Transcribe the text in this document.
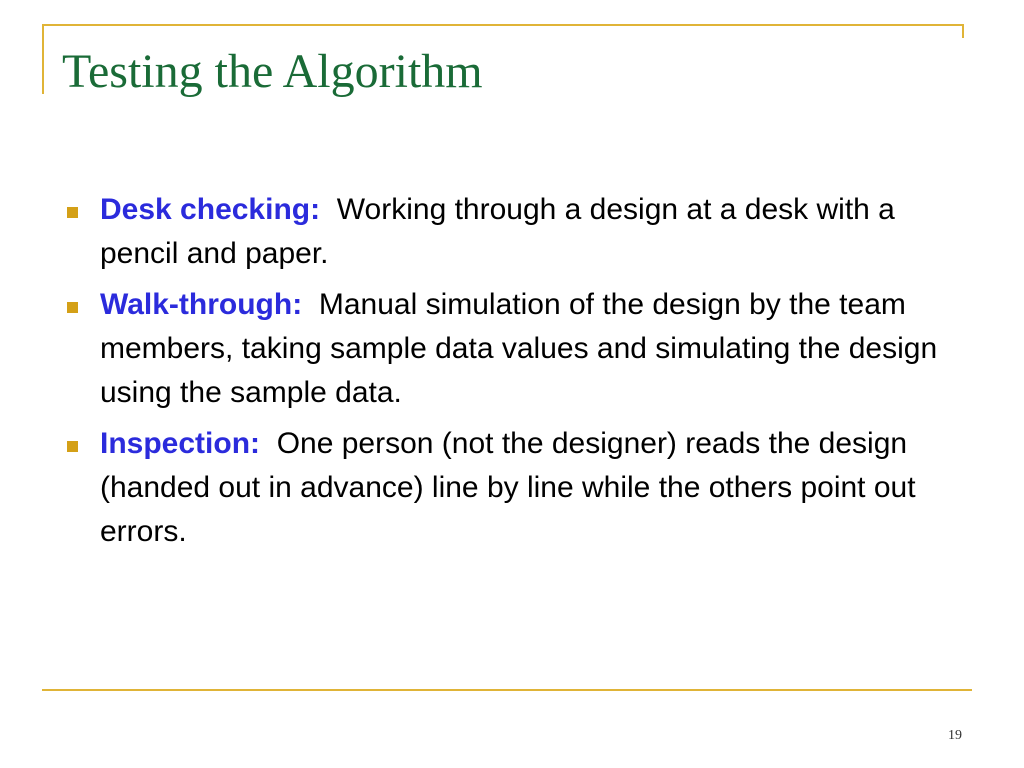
Testing the Algorithm
Desk checking: Working through a design at a desk with a pencil and paper.
Walk-through: Manual simulation of the design by the team members, taking sample data values and simulating the design using the sample data.
Inspection: One person (not the designer) reads the design (handed out in advance) line by line while the others point out errors.
19
